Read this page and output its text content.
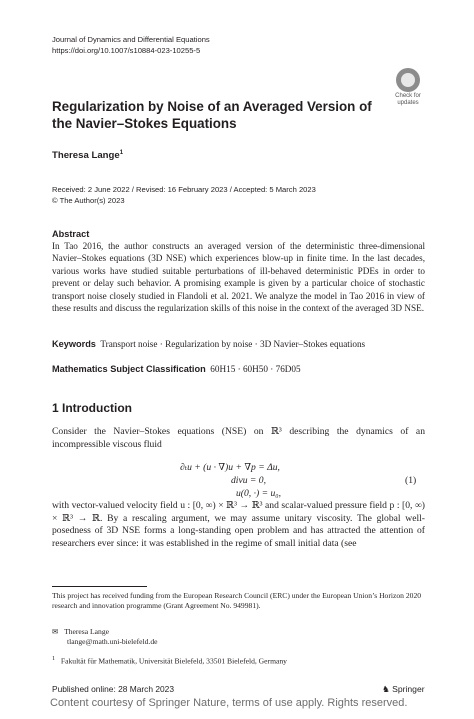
Journal of Dynamics and Differential Equations
https://doi.org/10.1007/s10884-023-10255-5
Check for
updates
Regularization by Noise of an Averaged Version of the Navier–Stokes Equations
Theresa Lange$^1$
Received: 2 June 2022 / Revised: 16 February 2023 / Accepted: 5 March 2023
© The Author(s) 2023
Abstract
In Tao 2016, the author constructs an averaged version of the deterministic three-dimensional Navier–Stokes equations (3D NSE) which experiences blow-up in finite time. In the last decades, various works have studied suitable perturbations of ill-behaved deterministic PDEs in order to prevent or delay such behavior. A promising example is given by a particular choice of stochastic transport noise closely studied in Flandoli et al. 2021. We analyze the model in Tao 2016 in view of these results and discuss the regularization skills of this noise in the context of the averaged 3D NSE.
Keywords Transport noise · Regularization by noise · 3D Navier–Stokes equations
Mathematics Subject Classification 60H15 · 60H50 · 76D05
1 Introduction
Consider the Navier–Stokes equations (NSE) on ℝ³ describing the dynamics of an incompressible viscous fluid
∂ₜu + (u · ∇)u + ∇p = Δu,
divu = 0,
u(0, ·) = u₀,
(1)
with vector-valued velocity field u : [0, ∞) × ℝ³ → ℝ³ and scalar-valued pressure field p : [0, ∞) × ℝ³ → ℝ. By a rescaling argument, we may assume unitary viscosity. The global well-posedness of 3D NSE forms a long-standing open problem and has attracted the attention of researchers ever since: it was established in the regime of small initial data (see
This project has received funding from the European Research Council (ERC) under the European Union’s Horizon 2020 research and innovation programme (Grant Agreement No. 949981).
✉ Theresa Lange
tlange@math.uni-bielefeld.de
$^1$ Fakultät für Mathematik, Universität Bielefeld, 33501 Bielefeld, Germany
Published online: 28 March 2023	♞ Springer
Content courtesy of Springer Nature, terms of use apply. Rights reserved.
